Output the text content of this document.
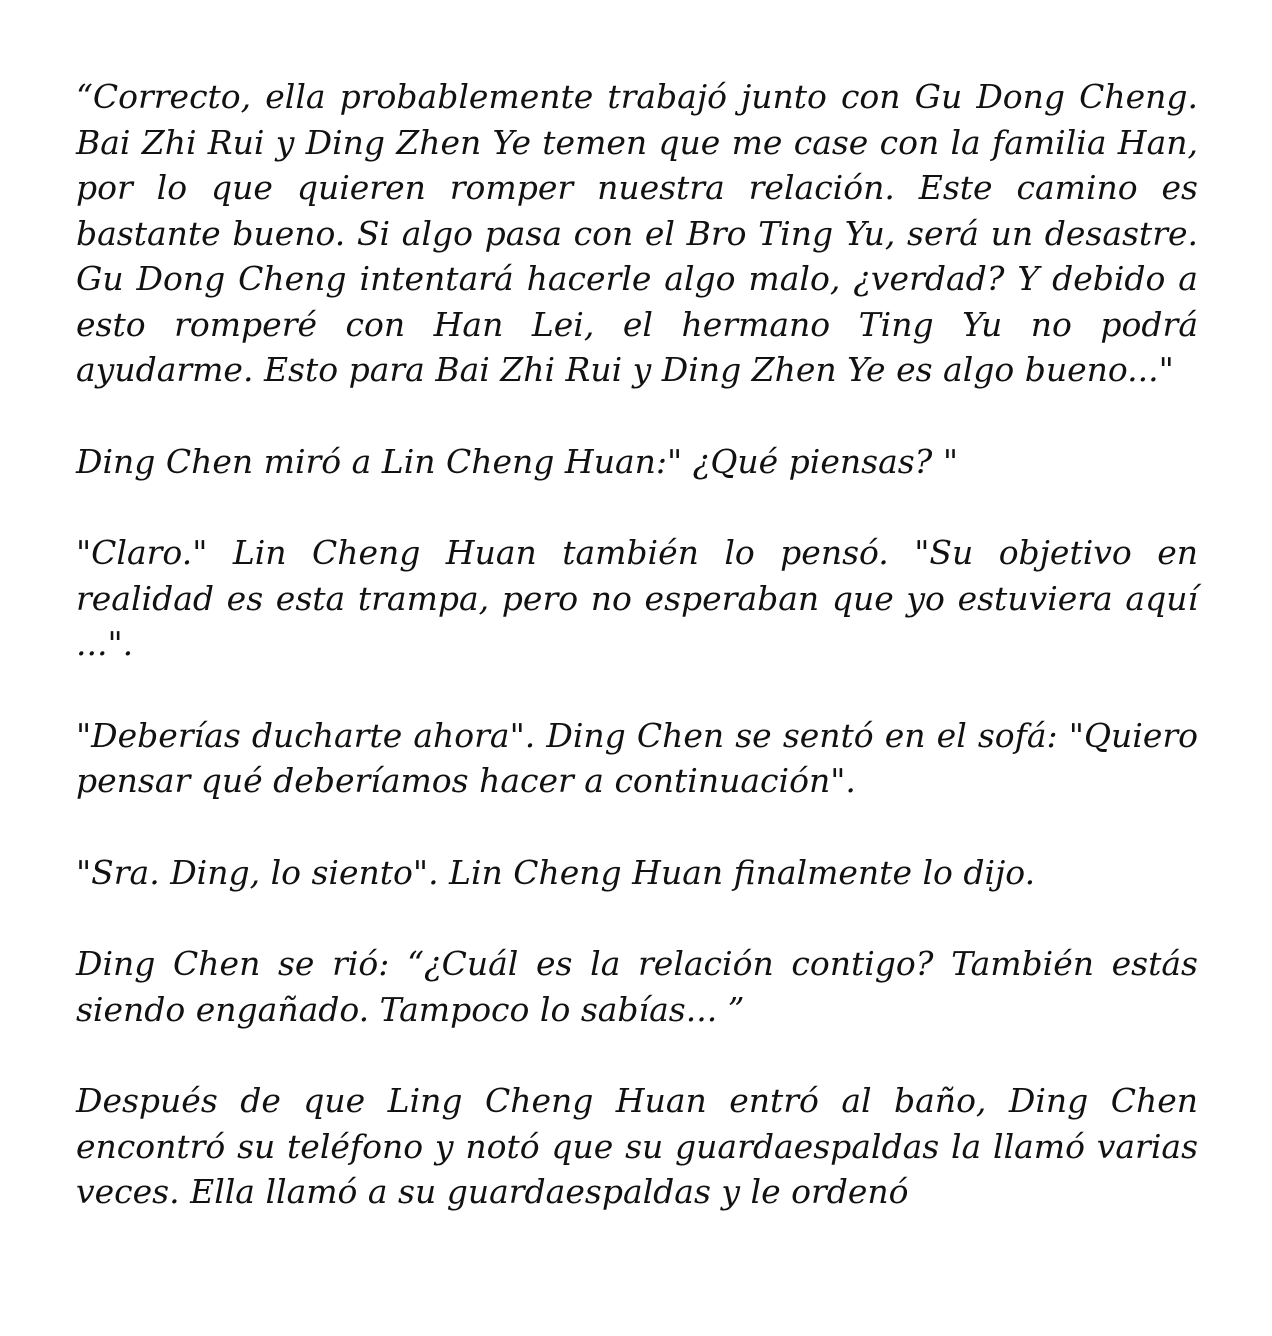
“Correcto, ella probablemente trabajó junto con Gu Dong Cheng. Bai Zhi Rui y Ding Zhen Ye temen que me case con la familia Han, por lo que quieren romper nuestra relación. Este camino es bastante bueno. Si algo pasa con el Bro Ting Yu, será un desastre. Gu Dong Cheng intentará hacerle algo malo, ¿verdad? Y debido a esto romperé con Han Lei, el hermano Ting Yu no podrá ayudarme. Esto para Bai Zhi Rui y Ding Zhen Ye es algo bueno..."

Ding Chen miró a Lin Cheng Huan:" ¿Qué piensas? "

"Claro." Lin Cheng Huan también lo pensó. "Su objetivo en realidad es esta trampa, pero no esperaban que yo estuviera aquí ...".

"Deberías ducharte ahora". Ding Chen se sentó en el sofá: "Quiero pensar qué deberíamos hacer a continuación".

"Sra. Ding, lo siento". Lin Cheng Huan finalmente lo dijo.

Ding Chen se rió: “¿Cuál es la relación contigo? También estás siendo engañado. Tampoco lo sabías... ”

Después de que Ling Cheng Huan entró al baño, Ding Chen encontró su teléfono y notó que su guardaespaldas la llamó varias veces. Ella llamó a su guardaespaldas y le ordenó
